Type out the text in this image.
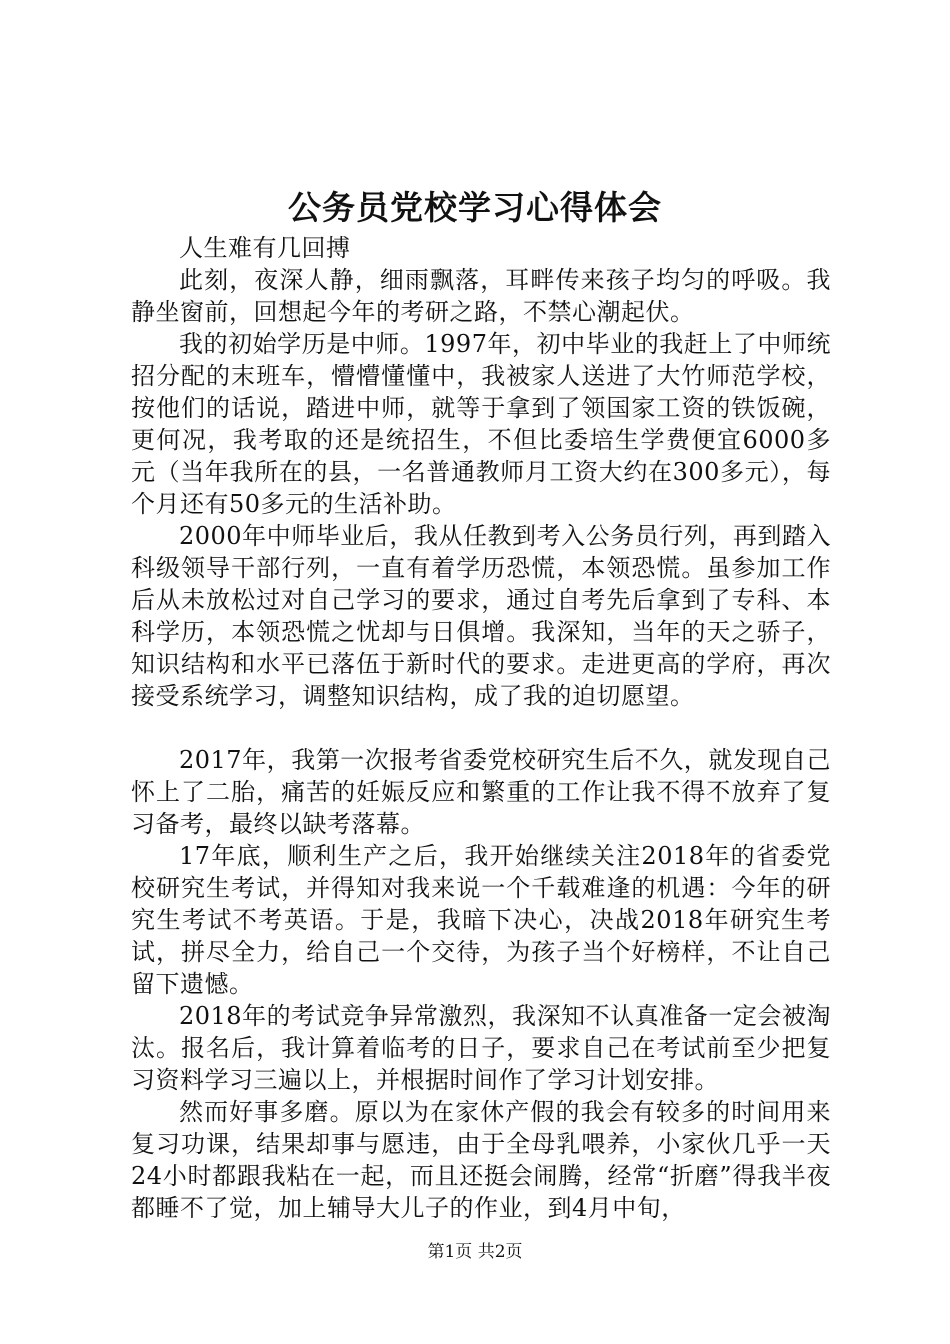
公务员党校学习心得体会

人生难有几回搏

此刻，夜深人静，细雨飘落，耳畔传来孩子均匀的呼吸。我静坐窗前，回想起今年的考研之路，不禁心潮起伏。

我的初始学历是中师。1997年，初中毕业的我赶上了中师统招分配的末班车，懵懵懂懂中，我被家人送进了大竹师范学校，按他们的话说，踏进中师，就等于拿到了领国家工资的铁饭碗，更何况，我考取的还是统招生，不但比委培生学费便宜6000多元（当年我所在的县，一名普通教师月工资大约在300多元），每个月还有50多元的生活补助。

2000年中师毕业后，我从任教到考入公务员行列，再到踏入科级领导干部行列，一直有着学历恐慌，本领恐慌。虽参加工作后从未放松过对自己学习的要求，通过自考先后拿到了专科、本科学历，本领恐慌之忧却与日俱增。我深知，当年的天之骄子，知识结构和水平已落伍于新时代的要求。走进更高的学府，再次接受系统学习，调整知识结构，成了我的迫切愿望。

2017年，我第一次报考省委党校研究生后不久，就发现自己怀上了二胎，痛苦的妊娠反应和繁重的工作让我不得不放弃了复习备考，最终以缺考落幕。

17年底，顺利生产之后，我开始继续关注2018年的省委党校研究生考试，并得知对我来说一个千载难逢的机遇：今年的研究生考试不考英语。于是，我暗下决心，决战2018年研究生考试，拼尽全力，给自己一个交待，为孩子当个好榜样，不让自己留下遗憾。

2018年的考试竞争异常激烈，我深知不认真准备一定会被淘汰。报名后，我计算着临考的日子，要求自己在考试前至少把复习资料学习三遍以上，并根据时间作了学习计划安排。

然而好事多磨。原以为在家休产假的我会有较多的时间用来复习功课，结果却事与愿违，由于全母乳喂养，小家伙几乎一天24小时都跟我粘在一起，而且还挺会闹腾，经常“折磨”得我半夜都睡不了觉，加上辅导大儿子的作业，到4月中旬，

第1页 共2页
